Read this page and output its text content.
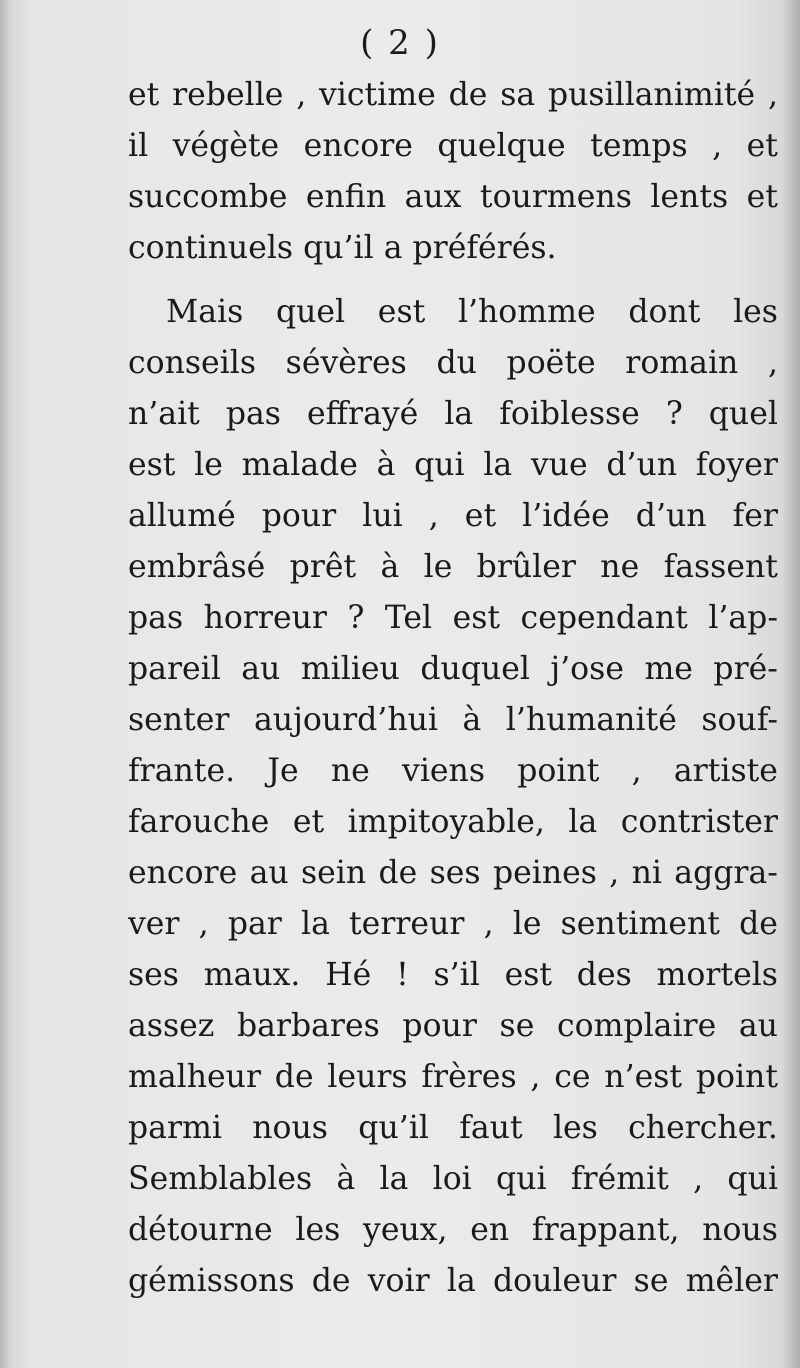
( 2 )
et rebelle , victime de sa pusillanimité ,
il végète encore quelque temps , et
succombe enfin aux tourmens lents et
continuels qu’il a préférés.
Mais quel est l’homme dont les
conseils sévères du poëte romain ,
n’ait pas effrayé la foiblesse ? quel
est le malade à qui la vue d’un foyer
allumé pour lui , et l’idée d’un fer
embrâsé prêt à le brûler ne fassent
pas horreur ? Tel est cependant l’ap-
pareil au milieu duquel j’ose me pré-
senter aujourd’hui à l’humanité souf-
frante. Je ne viens point , artiste
farouche et impitoyable, la contrister
encore au sein de ses peines , ni aggra-
ver , par la terreur , le sentiment de
ses maux. Hé ! s’il est des mortels
assez barbares pour se complaire au
malheur de leurs frères , ce n’est point
parmi nous qu’il faut les chercher.
Semblables à la loi qui frémit , qui
détourne les yeux, en frappant, nous
gémissons de voir la douleur se mêler
